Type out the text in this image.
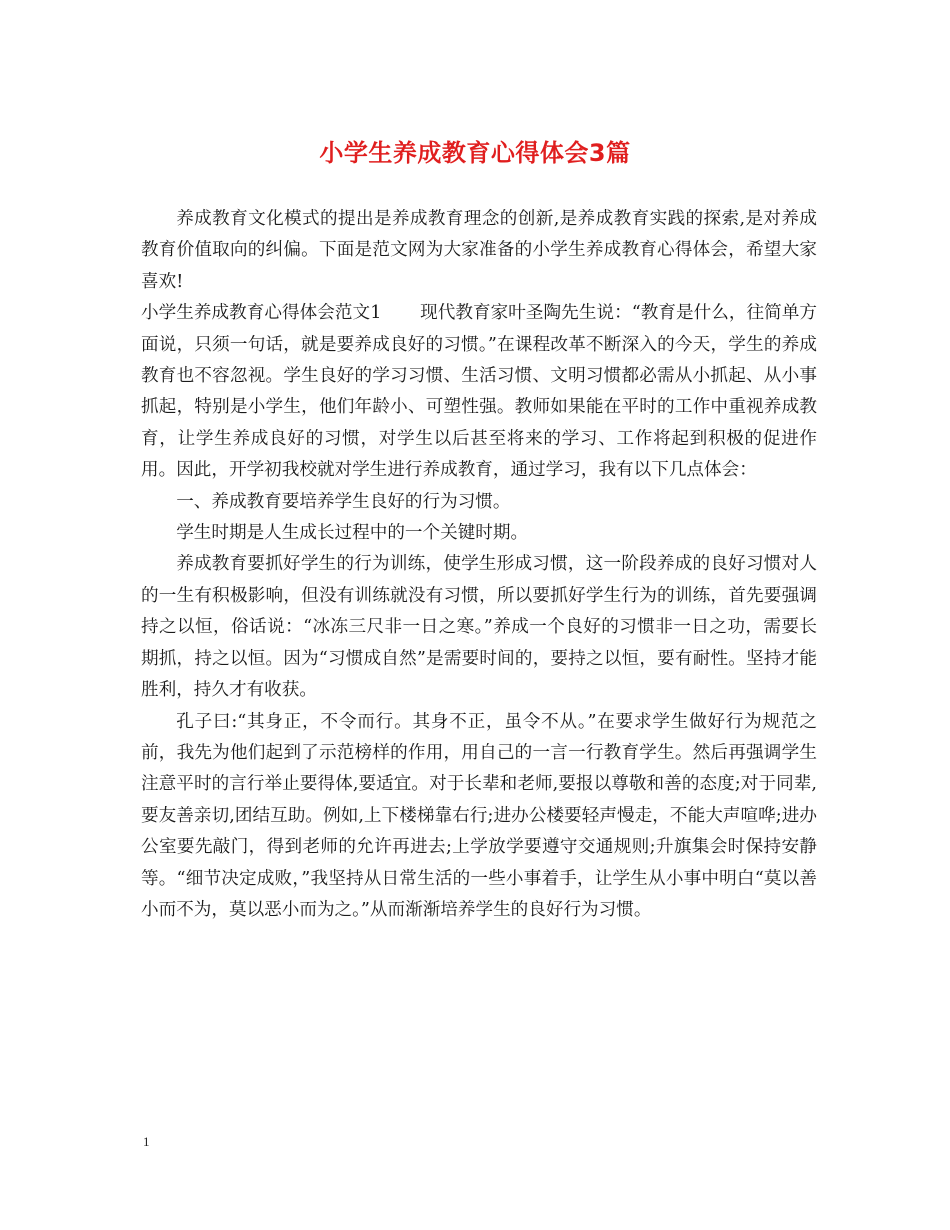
小学生养成教育心得体会3篇

养成教育文化模式的提出是养成教育理念的创新,是养成教育实践的探索,是对养成教育价值取向的纠偏。下面是范文网为大家准备的小学生养成教育心得体会，希望大家喜欢!

小学生养成教育心得体会范文1 现代教育家叶圣陶先生说：“教育是什么，往简单方面说，只须一句话，就是要养成良好的习惯。”在课程改革不断深入的今天，学生的养成教育也不容忽视。学生良好的学习习惯、生活习惯、文明习惯都必需从小抓起、从小事抓起，特别是小学生，他们年龄小、可塑性强。教师如果能在平时的工作中重视养成教育，让学生养成良好的习惯，对学生以后甚至将来的学习、工作将起到积极的促进作用。因此，开学初我校就对学生进行养成教育，通过学习，我有以下几点体会：

一、养成教育要培养学生良好的行为习惯。

学生时期是人生成长过程中的一个关键时期。

养成教育要抓好学生的行为训练，使学生形成习惯，这一阶段养成的良好习惯对人的一生有积极影响，但没有训练就没有习惯，所以要抓好学生行为的训练，首先要强调持之以恒，俗话说：“冰冻三尺非一日之寒。”养成一个良好的习惯非一日之功，需要长期抓，持之以恒。因为“习惯成自然”是需要时间的，要持之以恒，要有耐性。坚持才能胜利，持久才有收获。

孔子曰:“其身正，不令而行。其身不正，虽令不从。”在要求学生做好行为规范之前，我先为他们起到了示范榜样的作用，用自己的一言一行教育学生。然后再强调学生注意平时的言行举止要得体,要适宜。对于长辈和老师,要报以尊敬和善的态度;对于同辈,要友善亲切,团结互助。例如,上下楼梯靠右行;进办公楼要轻声慢走，不能大声喧哗;进办公室要先敲门，得到老师的允许再进去;上学放学要遵守交通规则;升旗集会时保持安静等。“细节决定成败，”我坚持从日常生活的一些小事着手，让学生从小事中明白“莫以善小而不为，莫以恶小而为之。”从而渐渐培养学生的良好行为习惯。

1
